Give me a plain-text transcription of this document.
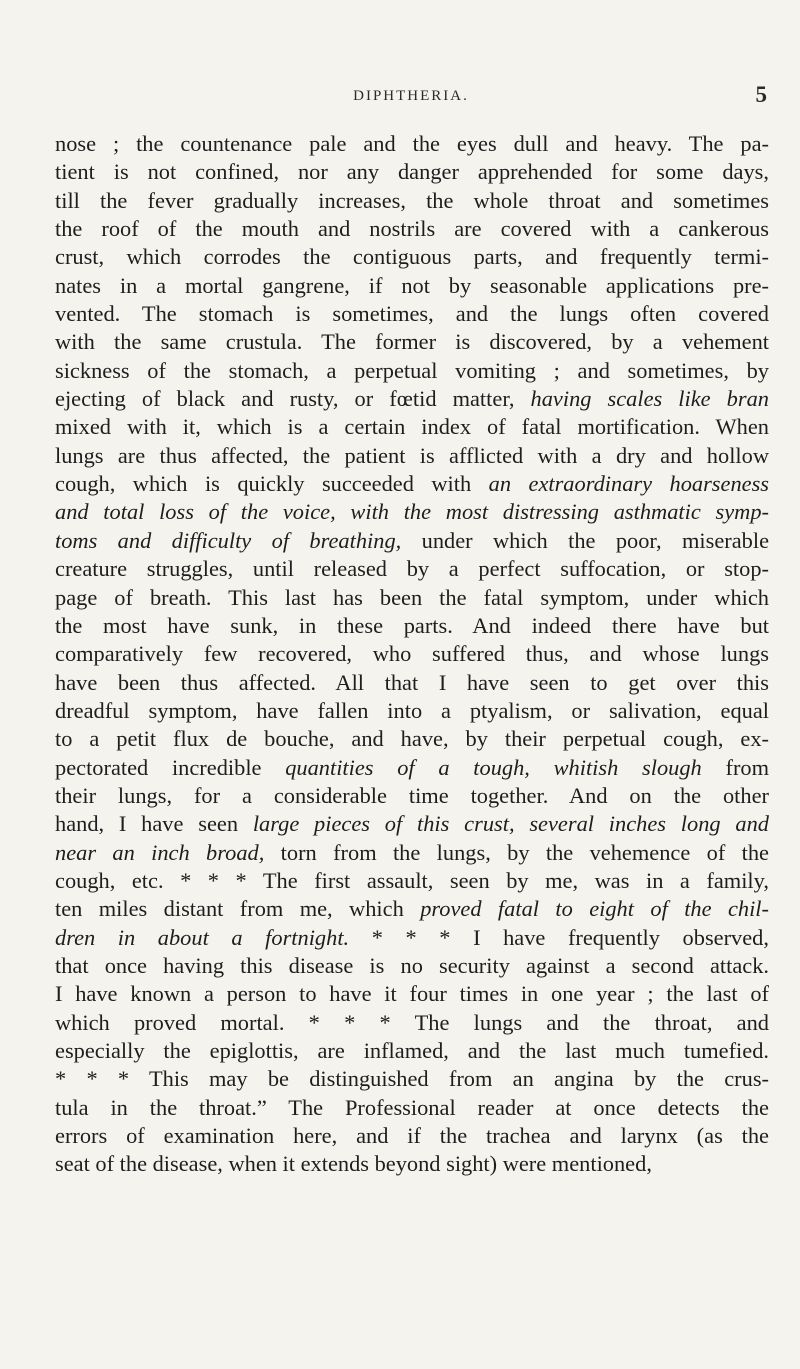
DIPHTHERIA.	5
nose ; the countenance pale and the eyes dull and heavy. The pa-
tient is not confined, nor any danger apprehended for some days,
till the fever gradually increases, the whole throat and sometimes
the roof of the mouth and nostrils are covered with a cankerous
crust, which corrodes the contiguous parts, and frequently termi-
nates in a mortal gangrene, if not by seasonable applications pre-
vented. The stomach is sometimes, and the lungs often covered
with the same crustula. The former is discovered, by a vehement
sickness of the stomach, a perpetual vomiting ; and sometimes, by
ejecting of black and rusty, or fœtid matter, having scales like bran
mixed with it, which is a certain index of fatal mortification. When
lungs are thus affected, the patient is afflicted with a dry and hollow
cough, which is quickly succeeded with an extraordinary hoarseness
and total loss of the voice, with the most distressing asthmatic symp-
toms and difficulty of breathing, under which the poor, miserable
creature struggles, until released by a perfect suffocation, or stop-
page of breath. This last has been the fatal symptom, under which
the most have sunk, in these parts. And indeed there have but
comparatively few recovered, who suffered thus, and whose lungs
have been thus affected. All that I have seen to get over this
dreadful symptom, have fallen into a ptyalism, or salivation, equal
to a petit flux de bouche, and have, by their perpetual cough, ex-
pectorated incredible quantities of a tough, whitish slough from
their lungs, for a considerable time together. And on the other
hand, I have seen large pieces of this crust, several inches long and
near an inch broad, torn from the lungs, by the vehemence of the
cough, etc. * * * The first assault, seen by me, was in a family,
ten miles distant from me, which proved fatal to eight of the chil-
dren in about a fortnight. * * * I have frequently observed,
that once having this disease is no security against a second attack.
I have known a person to have it four times in one year ; the last of
which proved mortal. * * * The lungs and the throat, and
especially the epiglottis, are inflamed, and the last much tumefied.
* * * This may be distinguished from an angina by the crus-
tula in the throat.” The Professional reader at once detects the
errors of examination here, and if the trachea and larynx (as the
seat of the disease, when it extends beyond sight) were mentioned,
